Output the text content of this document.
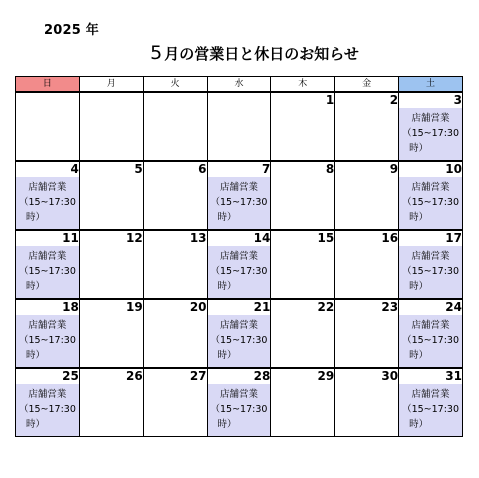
2025 年
5 月の営業日と休日のお知らせ
日	月	火	水	木	金	土
				1	2	3

						店舗営業
（15~17:30
時）

4	5	6	7	8	9	10

店舗営業
（15~17:30
時）			店舗営業
（15~17:30
時）			店舗営業
（15~17:30
時）

11	12	13	14	15	16	17

店舗営業
（15~17:30
時）			店舗営業
（15~17:30
時）			店舗営業
（15~17:30
時）

18	19	20	21	22	23	24

店舗営業
（15~17:30
時）			店舗営業
（15~17:30
時）			店舗営業
（15~17:30
時）

25	26	27	28	29	30	31

店舗営業
（15~17:30
時）			店舗営業
（15~17:30
時）			店舗営業
（15~17:30
時）
